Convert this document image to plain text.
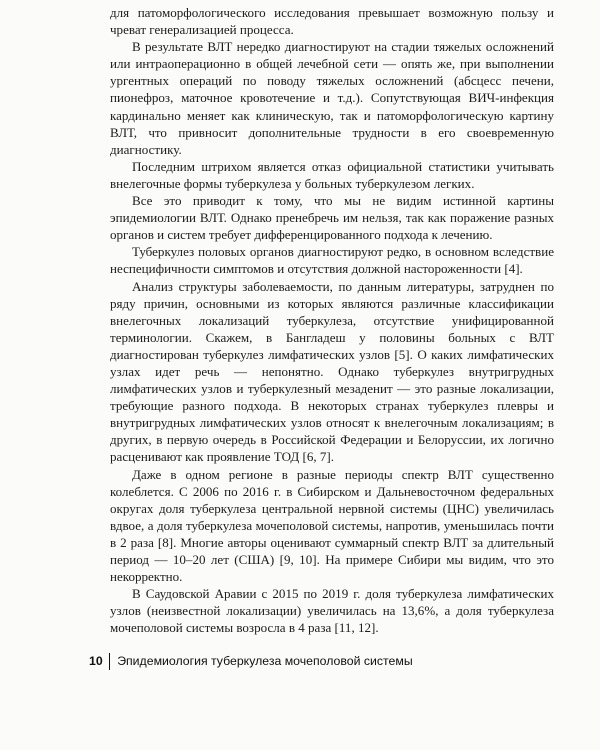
для патоморфологического исследования превышает возможную пользу и чреват генерализацией процесса.

В результате ВЛТ нередко диагностируют на стадии тяжелых осложнений или интраоперационно в общей лечебной сети — опять же, при выполнении ургентных операций по поводу тяжелых осложнений (абсцесс печени, пионефроз, маточное кровотечение и т.д.). Сопутствующая ВИЧ-инфекция кардинально меняет как клиническую, так и патоморфологическую картину ВЛТ, что привносит дополнительные трудности в его своевременную диагностику.

Последним штрихом является отказ официальной статистики учитывать внелегочные формы туберкулеза у больных туберкулезом легких.

Все это приводит к тому, что мы не видим истинной картины эпидемиологии ВЛТ. Однако пренебречь им нельзя, так как поражение разных органов и систем требует дифференцированного подхода к лечению.

Туберкулез половых органов диагностируют редко, в основном вследствие неспецифичности симптомов и отсутствия должной настороженности [4].

Анализ структуры заболеваемости, по данным литературы, затруднен по ряду причин, основными из которых являются различные классификации внелегочных локализаций туберкулеза, отсутствие унифицированной терминологии. Скажем, в Бангладеш у половины больных с ВЛТ диагностирован туберкулез лимфатических узлов [5]. О каких лимфатических узлах идет речь — непонятно. Однако туберкулез внутригрудных лимфатических узлов и туберкулезный мезаденит — это разные локализации, требующие разного подхода. В некоторых странах туберкулез плевры и внутригрудных лимфатических узлов относят к внелегочным локализациям; в других, в первую очередь в Российской Федерации и Белоруссии, их логично расценивают как проявление ТОД [6, 7].

Даже в одном регионе в разные периоды спектр ВЛТ существенно колеблется. С 2006 по 2016 г. в Сибирском и Дальневосточном федеральных округах доля туберкулеза центральной нервной системы (ЦНС) увеличилась вдвое, а доля туберкулеза мочеполовой системы, напротив, уменьшилась почти в 2 раза [8]. Многие авторы оценивают суммарный спектр ВЛТ за длительный период — 10–20 лет (США) [9, 10]. На примере Сибири мы видим, что это некорректно.

В Саудовской Аравии с 2015 по 2019 г. доля туберкулеза лимфатических узлов (неизвестной локализации) увеличилась на 13,6%, а доля туберкулеза мочеполовой системы возросла в 4 раза [11, 12].

10 Эпидемиология туберкулеза мочеполовой системы
